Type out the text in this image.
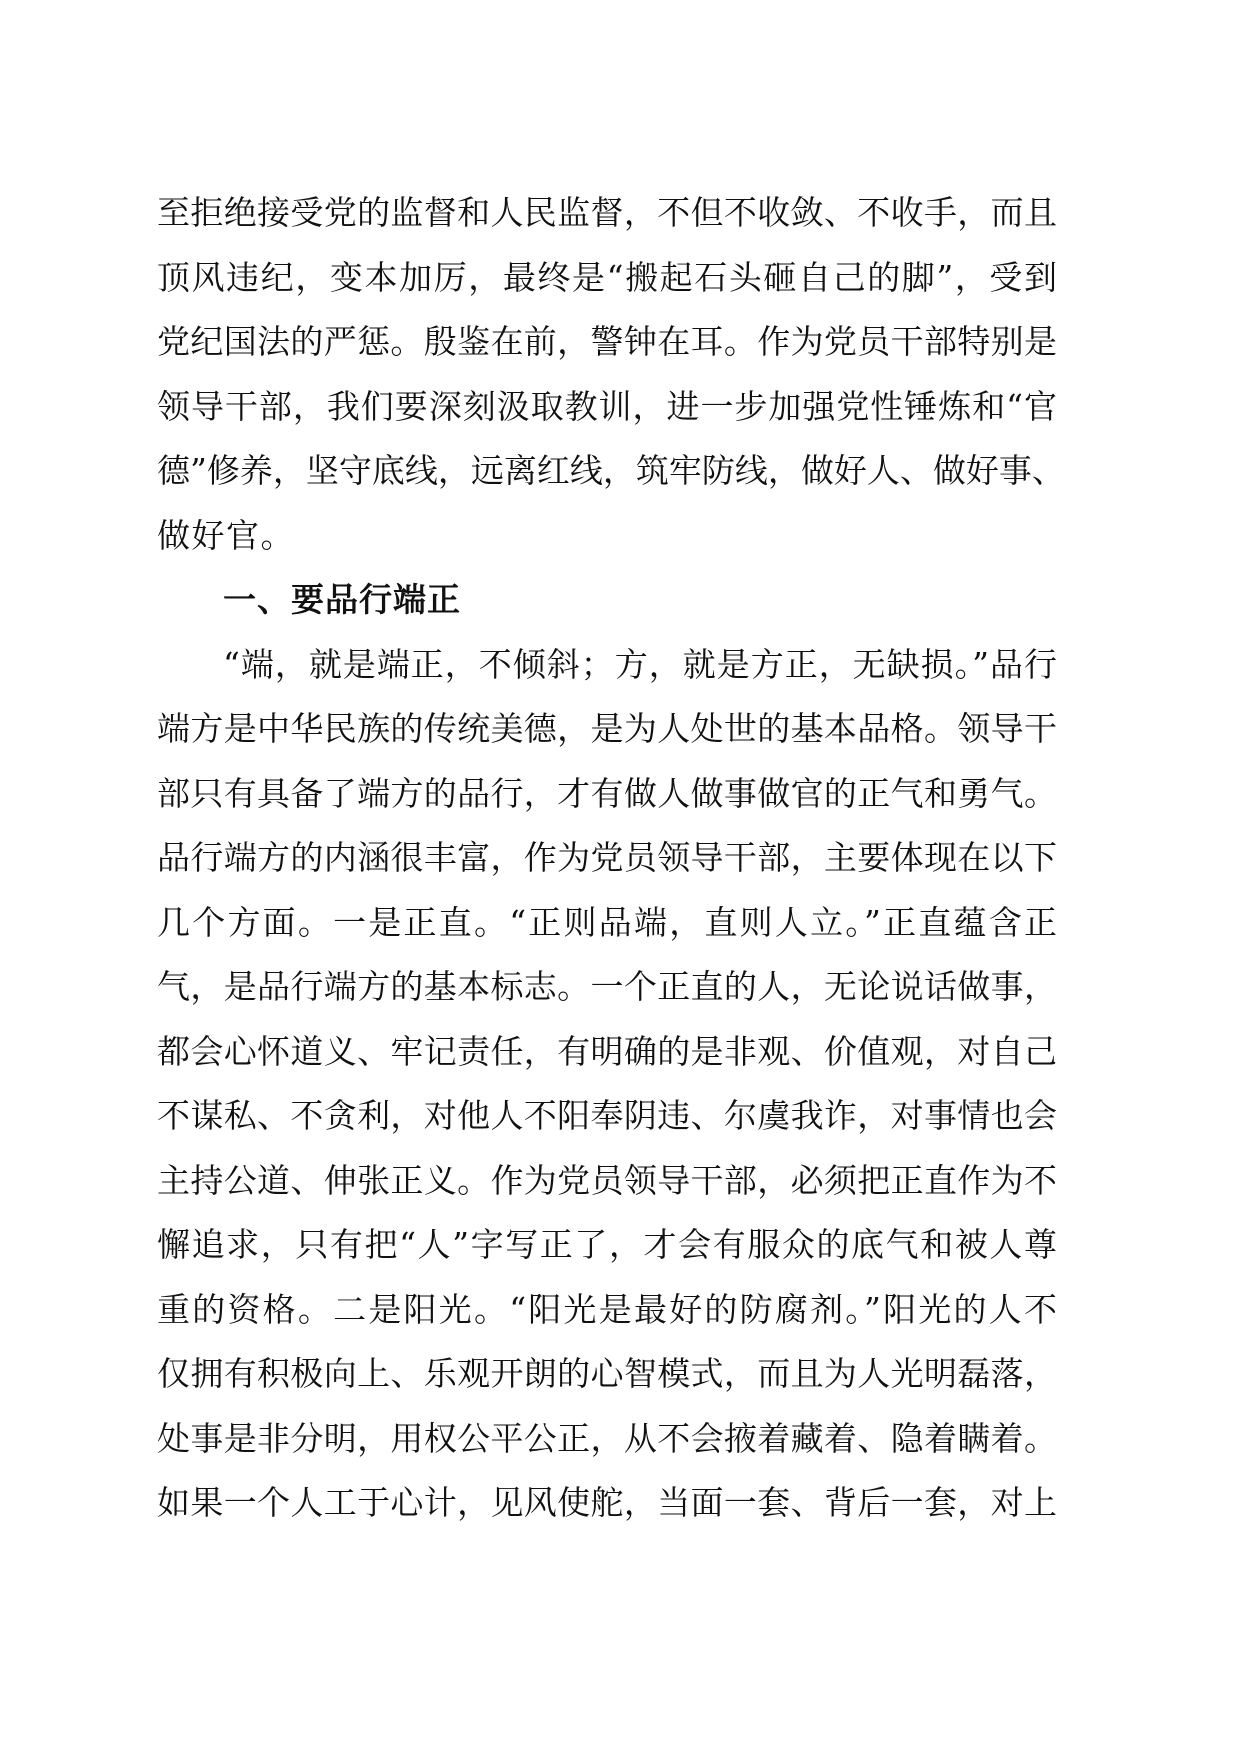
至拒绝接受党的监督和人民监督，不但不收敛、不收手，而且
顶风违纪，变本加厉，最终是“搬起石头砸自己的脚”，受到
党纪国法的严惩。殷鉴在前，警钟在耳。作为党员干部特别是
领导干部，我们要深刻汲取教训，进一步加强党性锤炼和“官
德”修养，坚守底线，远离红线，筑牢防线，做好人、做好事、
做好官。
一、要品行端正
“端，就是端正，不倾斜；方，就是方正，无缺损。”品行
端方是中华民族的传统美德，是为人处世的基本品格。领导干
部只有具备了端方的品行，才有做人做事做官的正气和勇气。
品行端方的内涵很丰富，作为党员领导干部，主要体现在以下
几个方面。一是正直。“正则品端，直则人立。”正直蕴含正
气，是品行端方的基本标志。一个正直的人，无论说话做事，
都会心怀道义、牢记责任，有明确的是非观、价值观，对自己
不谋私、不贪利，对他人不阳奉阴违、尔虞我诈，对事情也会
主持公道、伸张正义。作为党员领导干部，必须把正直作为不
懈追求，只有把“人”字写正了，才会有服众的底气和被人尊
重的资格。二是阳光。“阳光是最好的防腐剂。”阳光的人不
仅拥有积极向上、乐观开朗的心智模式，而且为人光明磊落，
处事是非分明，用权公平公正，从不会掖着藏着、隐着瞒着。
如果一个人工于心计，见风使舵，当面一套、背后一套，对上
